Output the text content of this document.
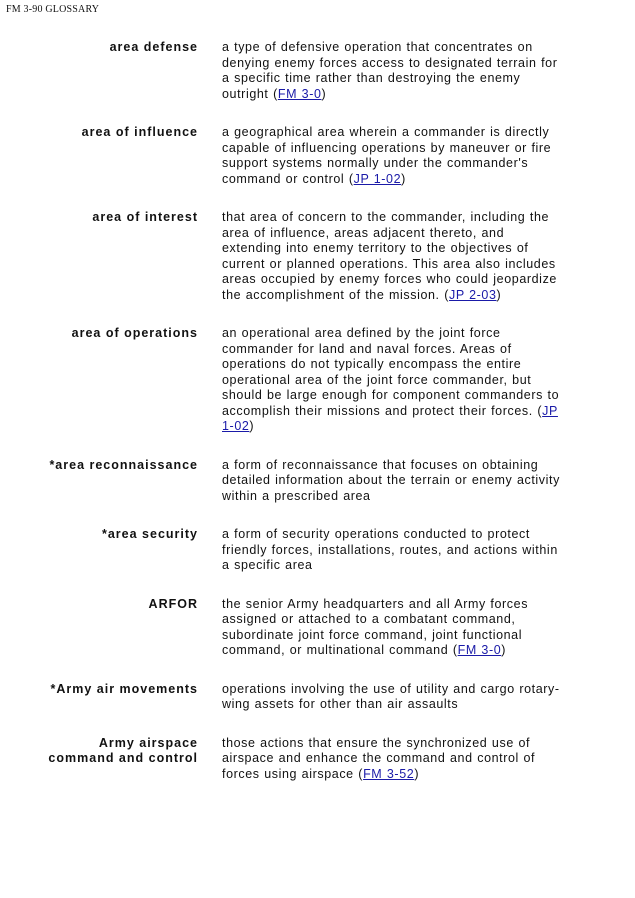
FM 3-90 GLOSSARY
area defense a type of defensive operation that concentrates on denying enemy forces access to designated terrain for a specific time rather than destroying the enemy outright (FM 3-0)
area of influence a geographical area wherein a commander is directly capable of influencing operations by maneuver or fire support systems normally under the commander's command or control (JP 1-02)
area of interest that area of concern to the commander, including the area of influence, areas adjacent thereto, and extending into enemy territory to the objectives of current or planned operations. This area also includes areas occupied by enemy forces who could jeopardize the accomplishment of the mission. (JP 2-03)
area of operations an operational area defined by the joint force commander for land and naval forces. Areas of operations do not typically encompass the entire operational area of the joint force commander, but should be large enough for component commanders to accomplish their missions and protect their forces. (JP 1-02)
*area reconnaissance a form of reconnaissance that focuses on obtaining detailed information about the terrain or enemy activity within a prescribed area
*area security a form of security operations conducted to protect friendly forces, installations, routes, and actions within a specific area
ARFOR the senior Army headquarters and all Army forces assigned or attached to a combatant command, subordinate joint force command, joint functional command, or multinational command (FM 3-0)
*Army air movements operations involving the use of utility and cargo rotary-wing assets for other than air assaults
Army airspace
command and control
those actions that ensure the synchronized use of airspace and enhance the command and control of forces using airspace (FM 3-52)
